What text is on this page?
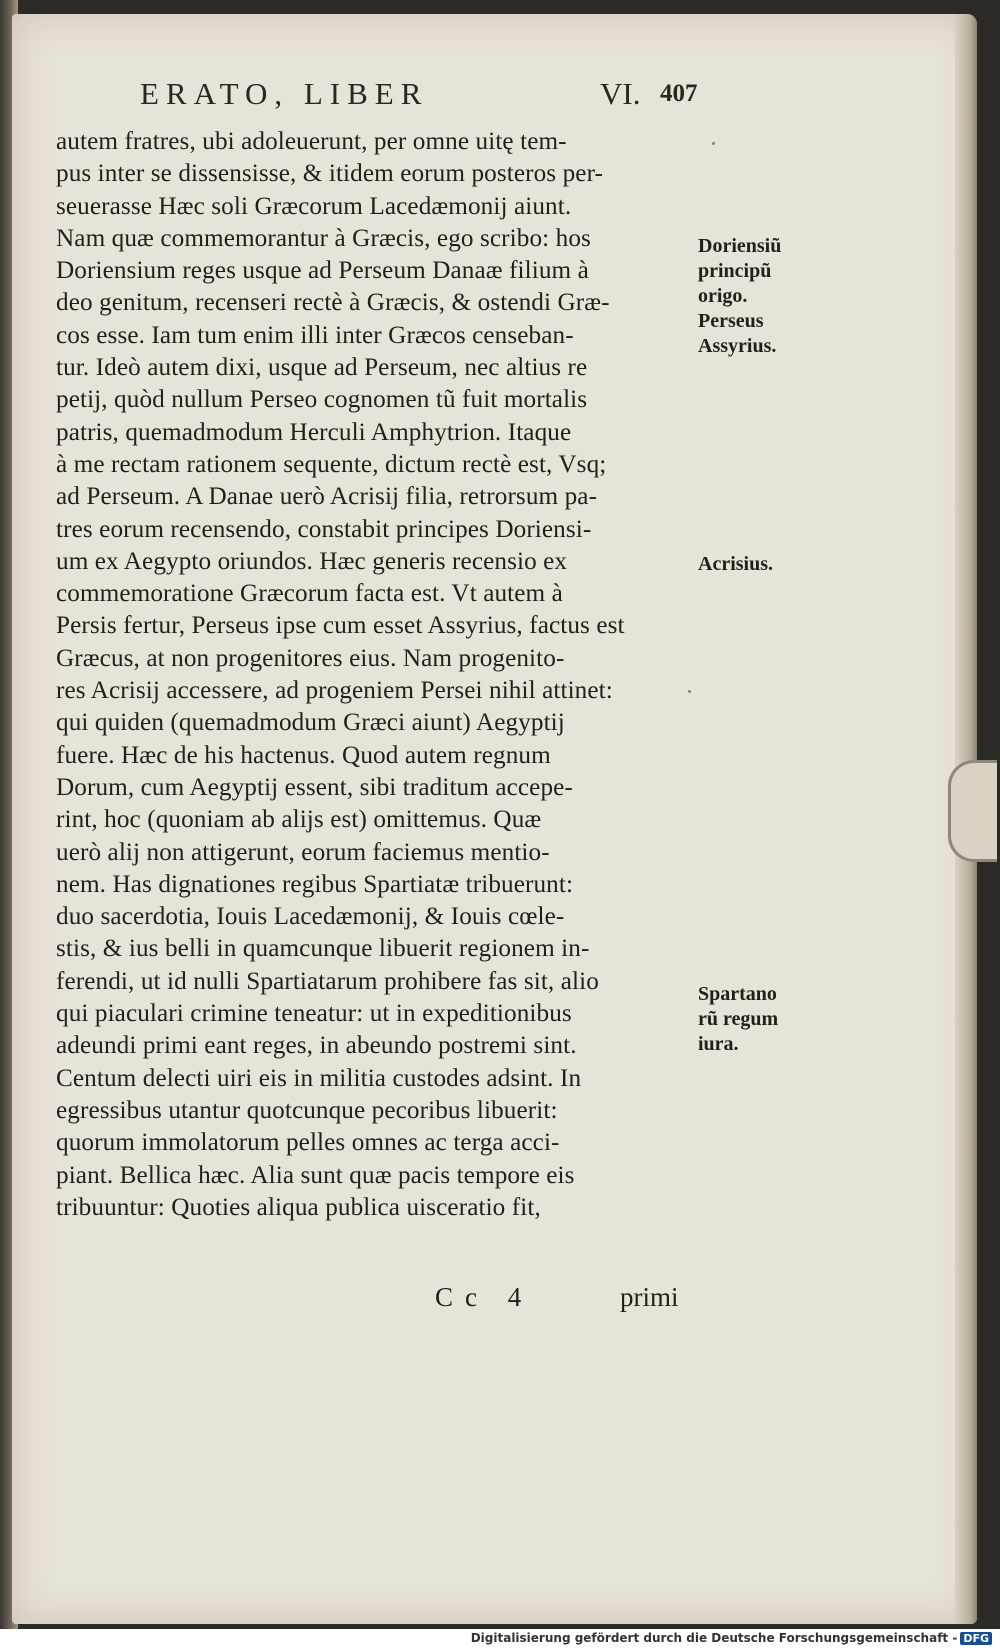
ERATO, LIBER	VI. 407
autem fratres, ubi adoleuerunt, per omne uitę tem-
pus inter se dissensisse, & itidem eorum posteros per-
seuerasse Hæc soli Græcorum Lacedæmonij aiunt.
Nam quæ commemorantur à Græcis, ego scribo: hos
Doriensium reges usque ad Perseum Danaæ filium à
deo genitum, recenseri rectè à Græcis, & ostendi Græ-
cos esse. Iam tum enim illi inter Græcos censeban-
tur. Ideò autem dixi, usque ad Perseum, nec altius re
petij, quòd nullum Perseo cognomen tũ fuit mortalis
patris, quemadmodum Herculi Amphytrion. Itaque
à me rectam rationem sequente, dictum rectè est, Vsq;
ad Perseum. A Danae uerò Acrisij filia, retrorsum pa-
tres eorum recensendo, constabit principes Doriensi-
um ex Aegypto oriundos. Hæc generis recensio ex
commemoratione Græcorum facta est. Vt autem à
Persis fertur, Perseus ipse cum esset Assyrius, factus est
Græcus, at non progenitores eius. Nam progenito-
res Acrisij accessere, ad progeniem Persei nihil attinet:
qui quiden (quemadmodum Græci aiunt) Aegyptij
fuere. Hæc de his hactenus. Quod autem regnum
Dorum, cum Aegyptij essent, sibi traditum accepe-
rint, hoc (quoniam ab alijs est) omittemus. Quæ
uerò alij non attigerunt, eorum faciemus mentio-
nem. Has dignationes regibus Spartiatæ tribuerunt:
duo sacerdotia, Iouis Lacedæmonij, & Iouis cœle-
stis, & ius belli in quamcunque libuerit regionem in-
ferendi, ut id nulli Spartiatarum prohibere fas sit, alio
qui piaculari crimine teneatur: ut in expeditionibus
adeundi primi eant reges, in abeundo postremi sint.
Centum delecti uiri eis in militia custodes adsint. In
egressibus utantur quotcunque pecoribus libuerit:
quorum immolatorum pelles omnes ac terga acci-
piant. Bellica hæc. Alia sunt quæ pacis tempore eis
tribuuntur: Quoties aliqua publica uisceratio fit,
Doriensiũ
principũ
origo.
Perseus
Assyrius.
Acrisius.
Spartano
rũ regum
iura.
Cc 4	primi
Digitalisierung gefördert durch die Deutsche Forschungsgemeinschaft - DFG
